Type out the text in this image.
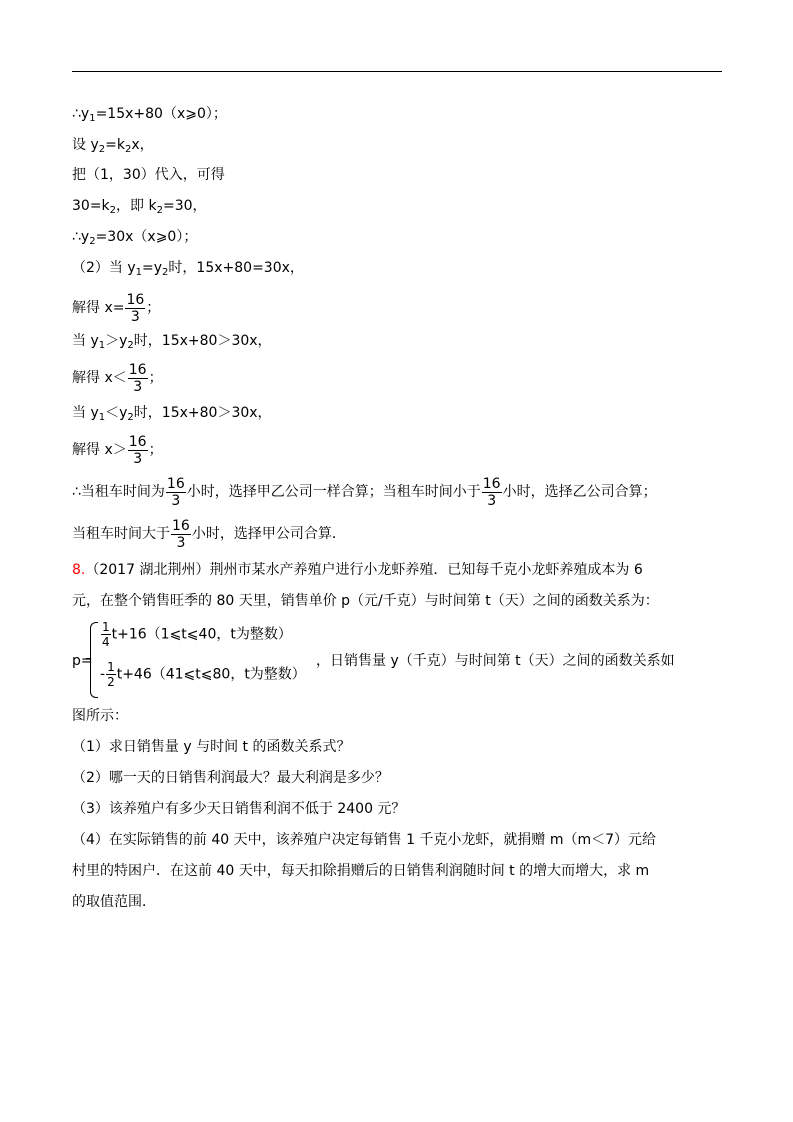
$\therefore y_1=15x+80(x⩾0)$；
设 $y_2=k_2x$，
把（1，30）代入，可得
$30=k_2$，即 $k_2=30$，
$\therefore y_2=30x(x⩾0)$；
（2）当 $y_1=y_2$时，15x+80=30x，
解得 $x= \frac{16}{3}$ ；
当 $y_1>y_2$时，15x+80＞30x，
解得 $x< \frac{16}{3}$ ；
当 $y_1<y_2$时，15x+80＞30x，
解得 $x> \frac{16}{3}$ ；
∴当租车时间为 $\frac{16}{3}$ 小时，选择甲乙公司一样合算；当租车时间小于 $\frac{16}{3}$ 小时，选择乙公司合算；
当租车时间大于 $\frac{16}{3}$ 小时，选择甲公司合算．
8.（2017 湖北荆州）荆州市某水产养殖户进行小龙虾养殖．已知每千克小龙虾养殖成本为 6
元，在整个销售旺季的 80 天里，销售单价 p（元/千克）与时间第 t（天）之间的函数关系为：
p=
$\frac{1}{4}$ t+16（1⩽t⩽40，t为整数）
- $\frac{1}{2}$ t+46（41⩽t⩽80，t为整数）
，日销售量 y（千克）与时间第 t（天）之间的函数关系如
图所示：
（1）求日销售量 y 与时间 t 的函数关系式？
（2）哪一天的日销售利润最大？最大利润是多少？
（3）该养殖户有多少天日销售利润不低于 2400 元？
（4）在实际销售的前 40 天中，该养殖户决定每销售 1 千克小龙虾，就捐赠 m（m＜7）元给
村里的特困户．在这前 40 天中，每天扣除捐赠后的日销售利润随时间 t 的增大而增大，求 m
的取值范围．
